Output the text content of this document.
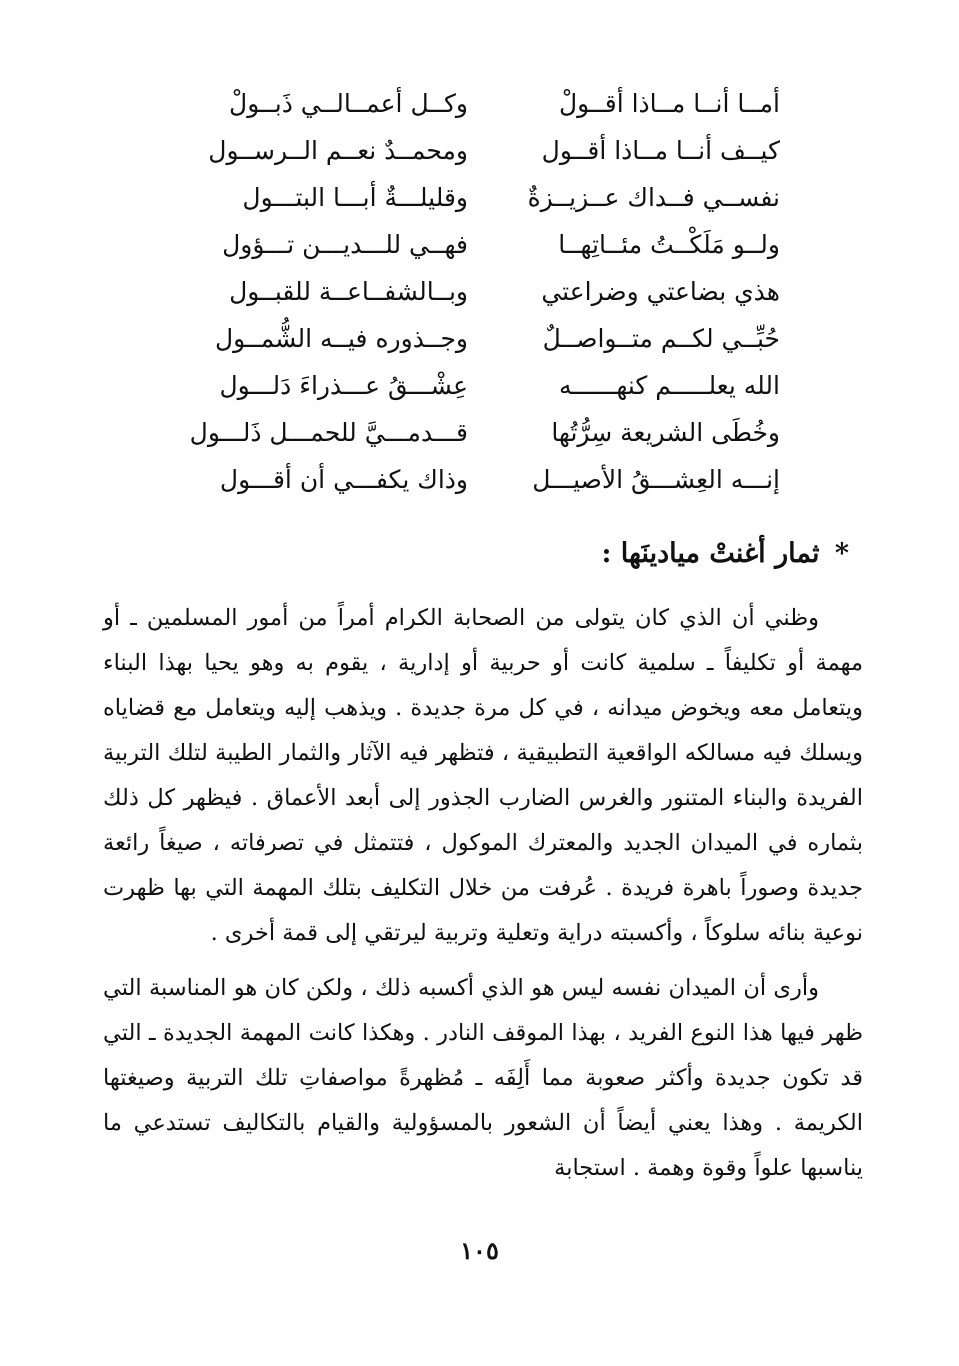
أمــا أنــا مــاذا أقــولْ
وكــل أعمــالــي ذَبــولْ
كيــف أنــا مــاذا أقــول
ومحمــدٌ نعــم الــرســول
نفســي فــداك عــزيــزةٌ
وقليلـــةٌ أبـــا البتـــول
ولــو مَلَكْــتُ مئــاتِهــا
فهــي للـــديـــن تـــؤول
هذي بضاعتي وضراعتي
وبــالشفــاعــة للقبــول
حُبِّــي لكــم متــواصــلٌ
وجــذوره فيــه الشُّمــول
الله يعلـــــم كنهــــــه
عِشْـــقُ عـــذراءَ دَلـــول
وخُطَى الشريعة سِرُّتُها
قـــدمـــيَّ للحمـــل ذَلـــول
إنـــه العِشـــقُ الأصيـــل
وذاك يكفـــي أن أقـــول
* ثمار أغنتْ ميادينَها :

وظني أن الذي كان يتولى من الصحابة الكرام أمراً من أمور المسلمين ـ أو مهمة أو تكليفاً ـ سلمية كانت أو حربية أو إدارية ، يقوم به وهو يحيا بهذا البناء ويتعامل معه ويخوض ميدانه ، في كل مرة جديدة . ويذهب إليه ويتعامل مع قضاياه ويسلك فيه مسالكه الواقعية التطبيقية ، فتظهر فيه الآثار والثمار الطيبة لتلك التربية الفريدة والبناء المتنور والغرس الضارب الجذور إلى أبعد الأعماق . فيظهر كل ذلك بثماره في الميدان الجديد والمعترك الموكول ، فتتمثل في تصرفاته ، صيغاً رائعة جديدة وصوراً باهرة فريدة . عُرفت من خلال التكليف بتلك المهمة التي بها ظهرت نوعية بنائه سلوكاً ، وأكسبته دراية وتعلية وتربية ليرتقي إلى قمة أخرى .

وأرى أن الميدان نفسه ليس هو الذي أكسبه ذلك ، ولكن كان هو المناسبة التي ظهر فيها هذا النوع الفريد ، بهذا الموقف النادر . وهكذا كانت المهمة الجديدة ـ التي قد تكون جديدة وأكثر صعوبة مما أَلِفَه ـ مُظهرةً مواصفاتِ تلك التربية وصيغتها الكريمة . وهذا يعني أيضاً أن الشعور بالمسؤولية والقيام بالتكاليف تستدعي ما يناسبها علواً وقوة وهمة . استجابة

١٠٥
